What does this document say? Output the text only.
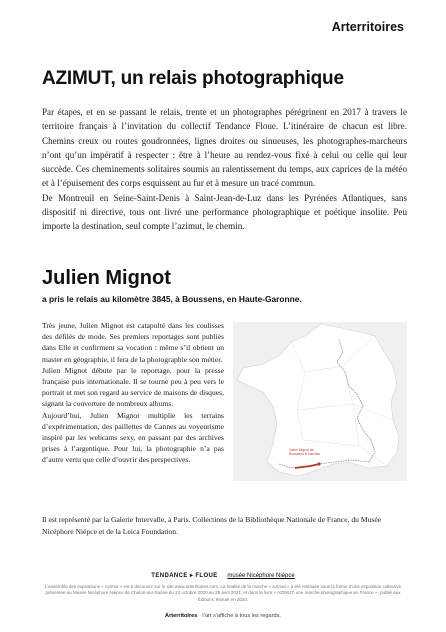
Arterritoires
AZIMUT, un relais photographique

Par étapes, et en se passant le relais, trente et un photographes pérégrinent en 2017 à travers le territoire français à l’invitation du collectif Tendance Floue. L’itinéraire de chacun est libre. Chemins creux ou routes goudronnées, lignes droites ou sinueuses, les photographes-marcheurs n’ont qu’un impératif à respecter : être à l’heure au rendez-vous fixé à celui ou celle qui leur succède. Ces cheminements solitaires soumis au ralentissement du temps, aux caprices de la météo et à l’épuisement des corps esquissent au fur et à mesure un tracé commun.

De Montreuil en Seine-Saint-Denis à Saint-Jean-de-Luz dans les Pyrénées Atlantiques, sans dispositif ni directive, tous ont livré une performance photographique et poétique insolite. Peu importe la destination, seul compte l’azimut, le chemin.

Julien Mignot
a pris le relais au kilomètre 3845, à Boussens, en Haute-Garonne.

Très jeune, Julien Mignot est catapulté dans les coulisses des défilés de mode. Ses premiers reportages sont publiés dans Elle et confirment sa vocation : même s’il obtient un master en géographie, il fera de la photographie son métier.

Julien Mignot débute par le reportage, pour la presse française puis internationale. Il se tourne peu à peu vers le portrait et met son regard au service de maisons de disques, signant la couverture de nombreux albums.

Aujourd’hui, Julien Mignot multiplie les terrains d’expérimentation, des paillettes de Cannes au voyeurisme inspiré par les webcams sexy, en passant par des archives prises à l’argentique. Pour lui, la photographie n’a pas d’autre vertu que celle d’ouvrir des perspectives.

Julien Mignot de Boussens à Lourdes
Il est représenté par la Galerie Intervalle, à Paris. Collections de la Bibliothèque Nationale de France, du Musée Nicéphore Niépce et de la Leica Foundation.
TENDANCE ▸ FLOUE musée Nicéphore Niépce
L’ensemble des expositions « Azimut » est à découvrir sur le site www.arterritoires.com. La totalité de la marche « Azimut » a été restituée sous la forme d’une exposition collective présentée au Musée Nicéphore Niépce de Chalon-sur-Saône du 24 octobre 2020 au 25 avril 2021, et dans le livre « AZIMUT, une marche photographique en France », publié aux Éditions Textuel en 2020.
Arterritoires · l’art s’affiche à tous les regards.
